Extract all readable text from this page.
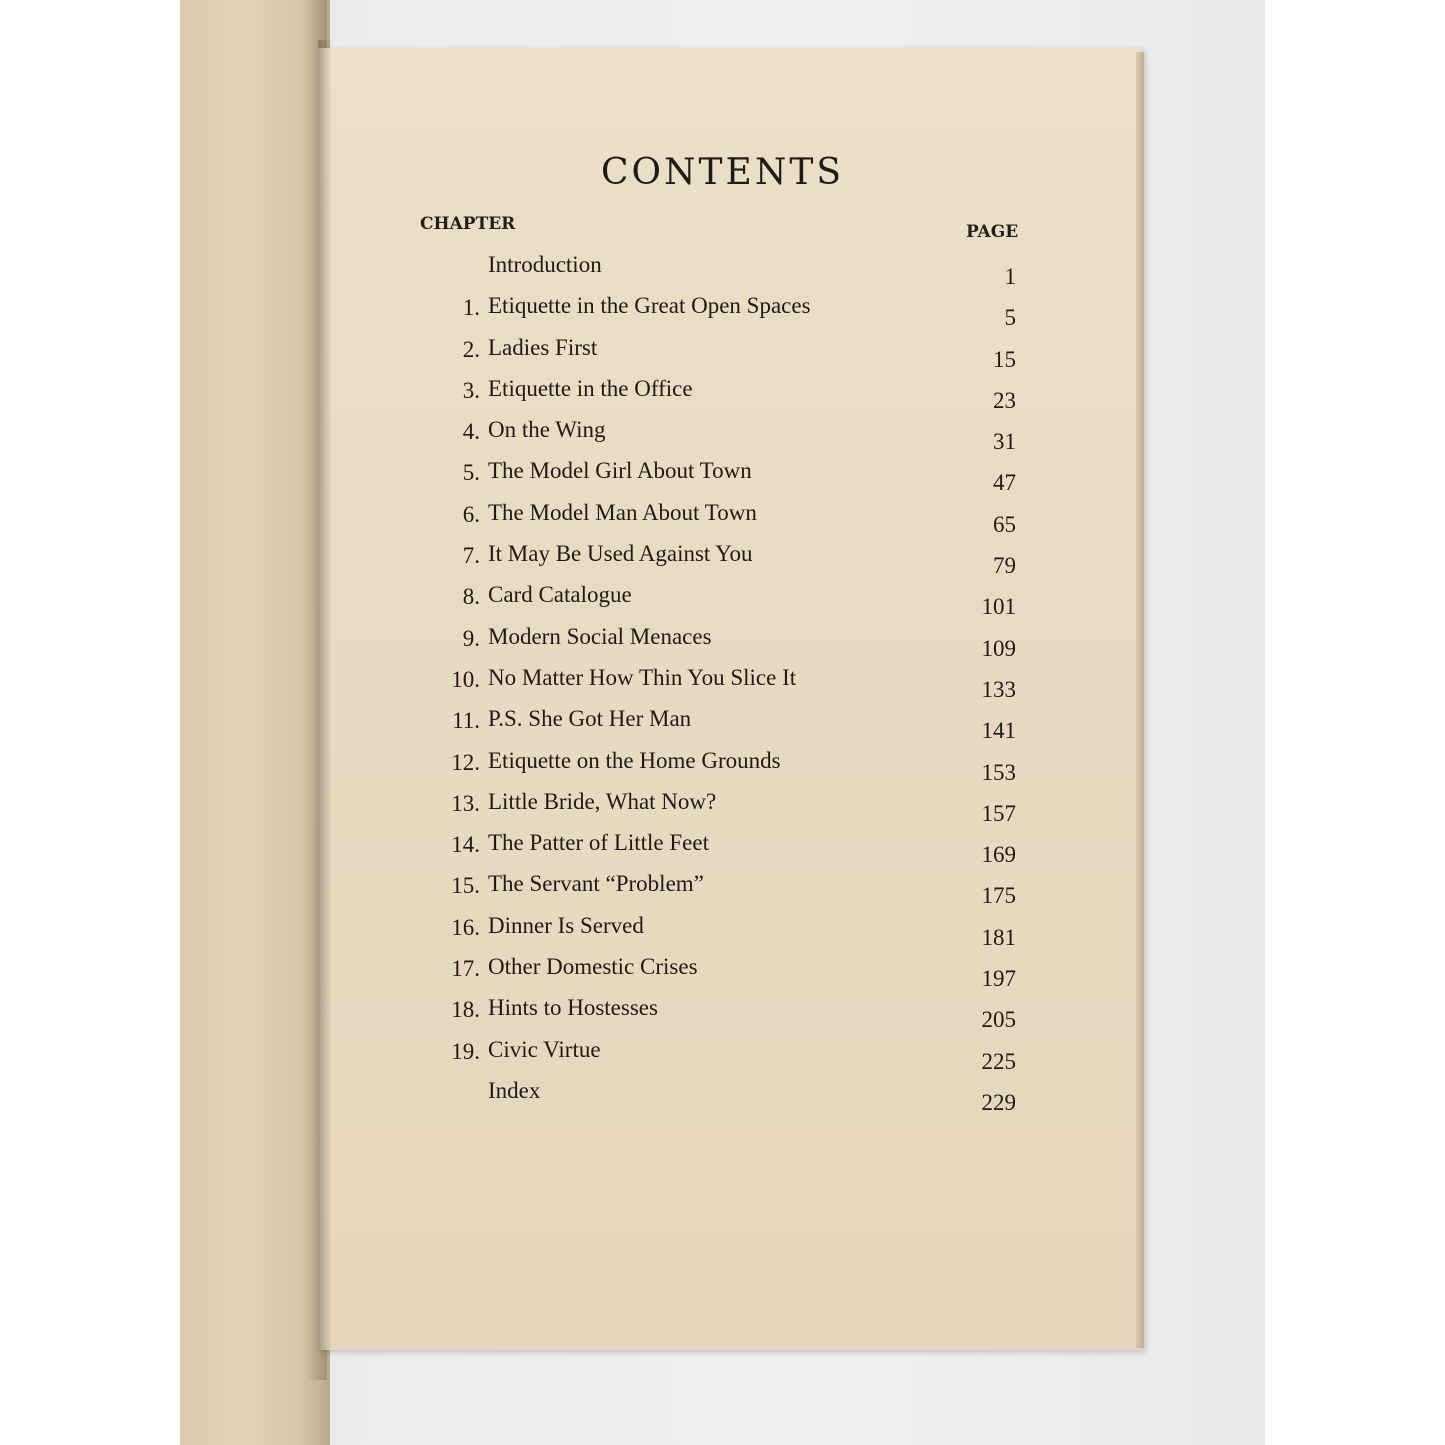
CONTENTS
CHAPTER	PAGE
Introduction	1
1. Etiquette in the Great Open Spaces	5
2. Ladies First	15
3. Etiquette in the Office	23
4. On the Wing	31
5. The Model Girl About Town	47
6. The Model Man About Town	65
7. It May Be Used Against You	79
8. Card Catalogue	101
9. Modern Social Menaces	109
10. No Matter How Thin You Slice It	133
11. P.S. She Got Her Man	141
12. Etiquette on the Home Grounds	153
13. Little Bride, What Now?	157
14. The Patter of Little Feet	169
15. The Servant “Problem”	175
16. Dinner Is Served	181
17. Other Domestic Crises	197
18. Hints to Hostesses	205
19. Civic Virtue	225
Index	229
